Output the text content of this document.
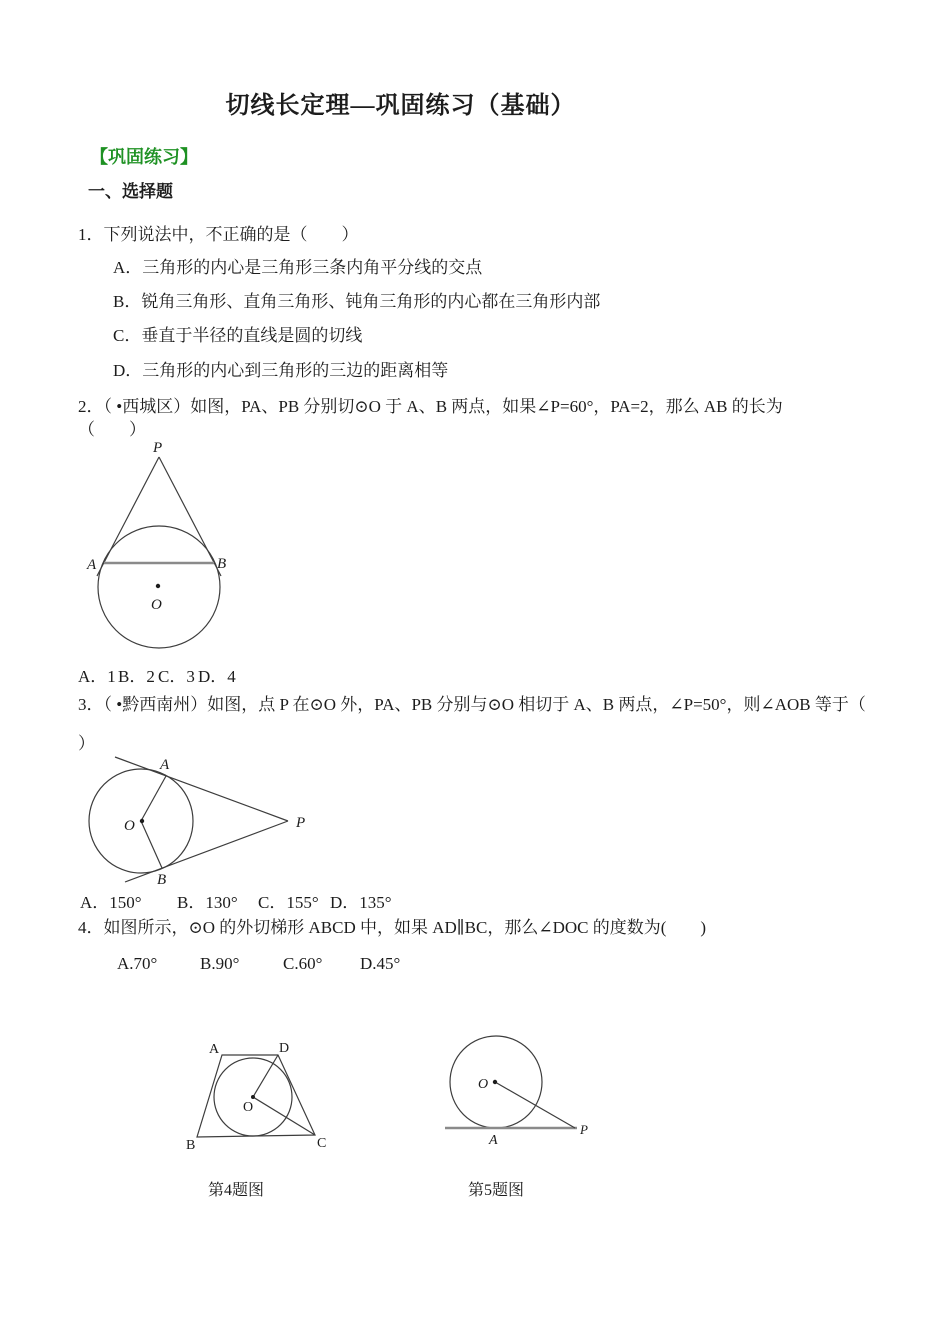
切线长定理—巩固练习（基础）
【巩固练习】
一、选择题
1．下列说法中，不正确的是（　　）
A．三角形的内心是三角形三条内角平分线的交点
B．锐角三角形、直角三角形、钝角三角形的内心都在三角形内部
C．垂直于半径的直线是圆的切线
D．三角形的内心到三角形的三边的距离相等
2．（ •西城区）如图，PA、PB 分别切⊙O 于 A、B 两点，如果∠P=60°，PA=2，那么 AB 的长为
（　　）
P
A	B
O
A．1 B．2 C．3 D．4
3．（ •黔西南州）如图，点 P 在⊙O 外，PA、PB 分别与⊙O 相切于 A、B 两点，∠P=50°，则∠AOB 等于（
）
A
B
O	P
A．150° B．130° C．155° D．135°
4．如图所示，⊙O 的外切梯形 ABCD 中，如果 AD∥BC，那么∠DOC 的度数为(　　)
A.70°	B.90°	C.60° D.45°
A	D
B	C
O
O
A
P
第4题图	第5题图
